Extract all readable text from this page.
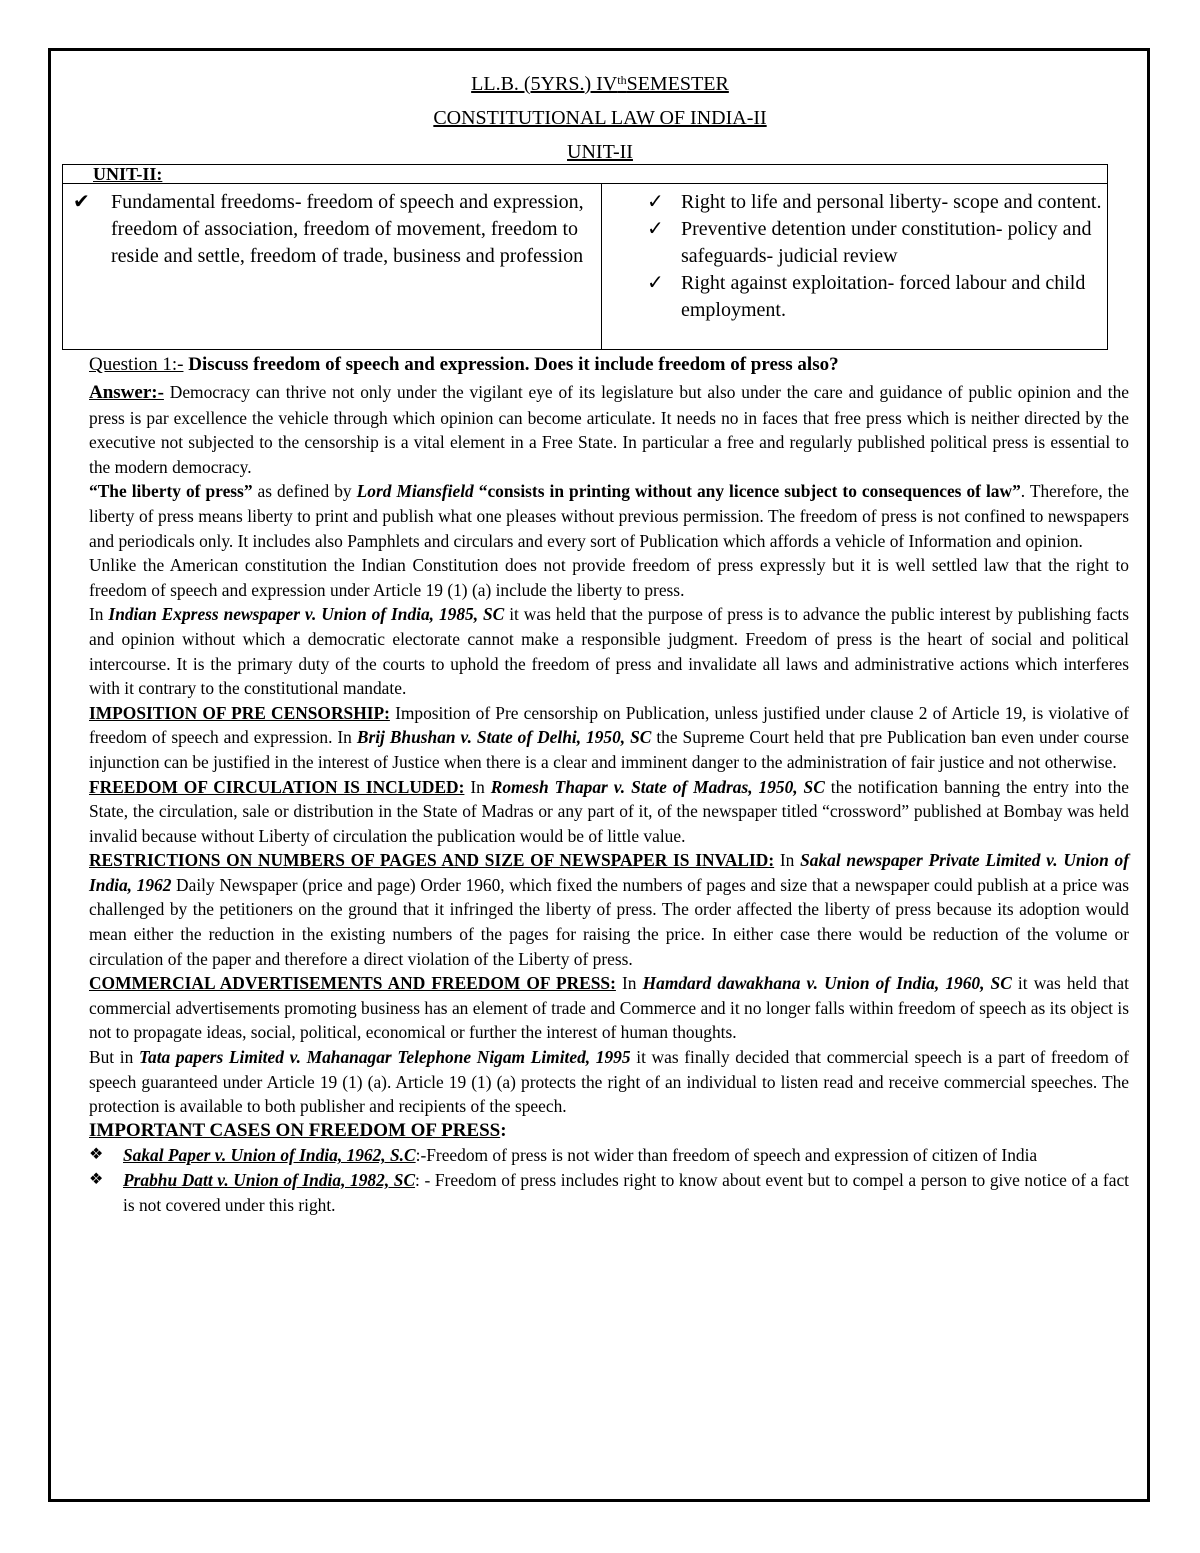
LL.B. (5YRS.) IVthSEMESTER
CONSTITUTIONAL LAW OF INDIA-II
UNIT-II
UNIT-II:
✔ Fundamental freedoms- freedom of speech and expression, freedom of association, freedom of movement, freedom to reside and settle, freedom of trade, business and profession
✓ Right to life and personal liberty- scope and content.
✓ Preventive detention under constitution- policy and safeguards- judicial review
✓ Right against exploitation- forced labour and child employment.
Question 1:- Discuss freedom of speech and expression. Does it include freedom of press also?

Answer:- Democracy can thrive not only under the vigilant eye of its legislature but also under the care and guidance of public opinion and the press is par excellence the vehicle through which opinion can become articulate. It needs no in faces that free press which is neither directed by the executive not subjected to the censorship is a vital element in a Free State. In particular a free and regularly published political press is essential to the modern democracy.

“The liberty of press” as defined by Lord Miansfield “consists in printing without any licence subject to consequences of law”. Therefore, the liberty of press means liberty to print and publish what one pleases without previous permission. The freedom of press is not confined to newspapers and periodicals only. It includes also Pamphlets and circulars and every sort of Publication which affords a vehicle of Information and opinion.

Unlike the American constitution the Indian Constitution does not provide freedom of press expressly but it is well settled law that the right to freedom of speech and expression under Article 19 (1) (a) include the liberty to press.

In Indian Express newspaper v. Union of India, 1985, SC it was held that the purpose of press is to advance the public interest by publishing facts and opinion without which a democratic electorate cannot make a responsible judgment. Freedom of press is the heart of social and political intercourse. It is the primary duty of the courts to uphold the freedom of press and invalidate all laws and administrative actions which interferes with it contrary to the constitutional mandate.

IMPOSITION OF PRE CENSORSHIP: Imposition of Pre censorship on Publication, unless justified under clause 2 of Article 19, is violative of freedom of speech and expression. In Brij Bhushan v. State of Delhi, 1950, SC the Supreme Court held that pre Publication ban even under course injunction can be justified in the interest of Justice when there is a clear and imminent danger to the administration of fair justice and not otherwise.

FREEDOM OF CIRCULATION IS INCLUDED: In Romesh Thapar v. State of Madras, 1950, SC the notification banning the entry into the State, the circulation, sale or distribution in the State of Madras or any part of it, of the newspaper titled “crossword” published at Bombay was held invalid because without Liberty of circulation the publication would be of little value.

RESTRICTIONS ON NUMBERS OF PAGES AND SIZE OF NEWSPAPER IS INVALID: In Sakal newspaper Private Limited v. Union of India, 1962 Daily Newspaper (price and page) Order 1960, which fixed the numbers of pages and size that a newspaper could publish at a price was challenged by the petitioners on the ground that it infringed the liberty of press. The order affected the liberty of press because its adoption would mean either the reduction in the existing numbers of the pages for raising the price. In either case there would be reduction of the volume or circulation of the paper and therefore a direct violation of the Liberty of press.

COMMERCIAL ADVERTISEMENTS AND FREEDOM OF PRESS: In Hamdard dawakhana v. Union of India, 1960, SC it was held that commercial advertisements promoting business has an element of trade and Commerce and it no longer falls within freedom of speech as its object is not to propagate ideas, social, political, economical or further the interest of human thoughts.

But in Tata papers Limited v. Mahanagar Telephone Nigam Limited, 1995 it was finally decided that commercial speech is a part of freedom of speech guaranteed under Article 19 (1) (a). Article 19 (1) (a) protects the right of an individual to listen read and receive commercial speeches. The protection is available to both publisher and recipients of the speech.

IMPORTANT CASES ON FREEDOM OF PRESS:

❖ Sakal Paper v. Union of India, 1962, S.C:-Freedom of press is not wider than freedom of speech and expression of citizen of India

❖ Prabhu Datt v. Union of India, 1982, SC: - Freedom of press includes right to know about event but to compel a person to give notice of a fact is not covered under this right.
